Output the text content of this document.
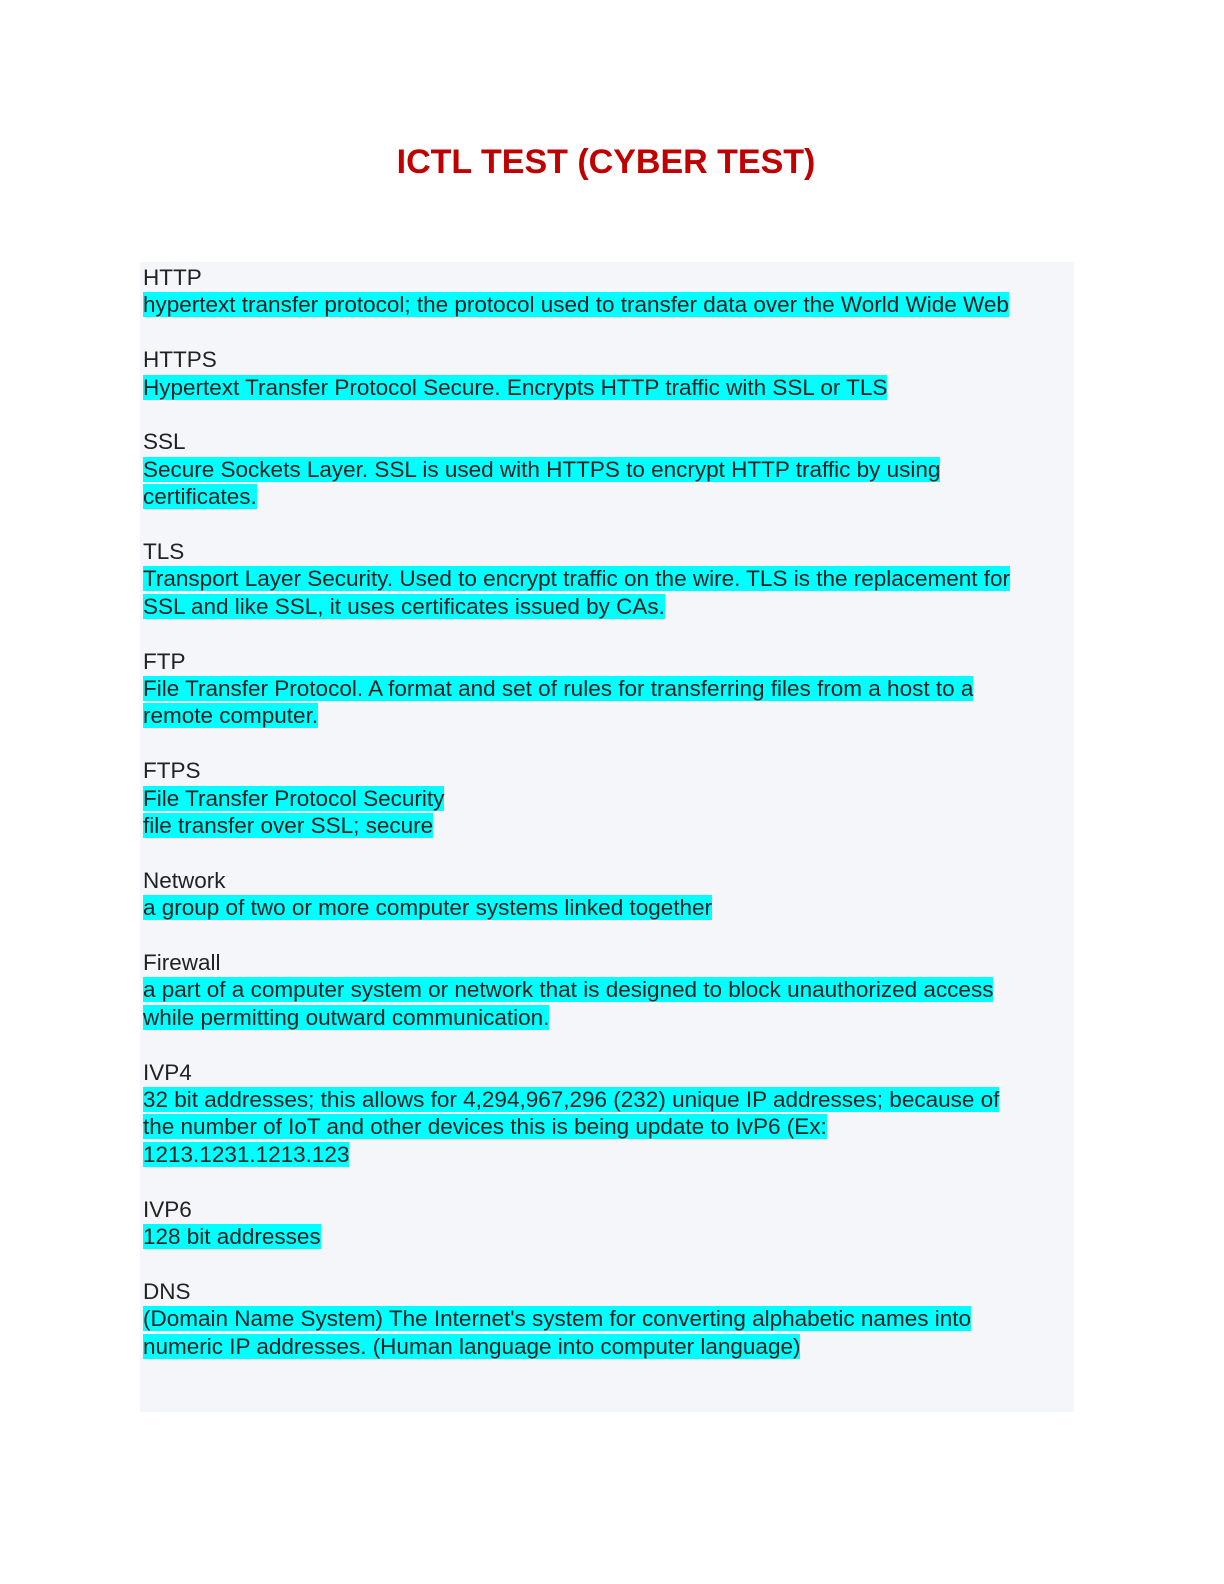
ICTL TEST (CYBER TEST)
HTTP
hypertext transfer protocol; the protocol used to transfer data over the World Wide Web
HTTPS
Hypertext Transfer Protocol Secure. Encrypts HTTP traffic with SSL or TLS
SSL
Secure Sockets Layer. SSL is used with HTTPS to encrypt HTTP traffic by using
certificates.
TLS
Transport Layer Security. Used to encrypt traffic on the wire. TLS is the replacement for
SSL and like SSL, it uses certificates issued by CAs.
FTP
File Transfer Protocol. A format and set of rules for transferring files from a host to a
remote computer.
FTPS
File Transfer Protocol Security
file transfer over SSL; secure
Network
a group of two or more computer systems linked together
Firewall
a part of a computer system or network that is designed to block unauthorized access
while permitting outward communication.
IVP4
32 bit addresses; this allows for 4,294,967,296 (232) unique IP addresses; because of
the number of IoT and other devices this is being update to IvP6 (Ex:
1213.1231.1213.123
IVP6
128 bit addresses
DNS
(Domain Name System) The Internet's system for converting alphabetic names into
numeric IP addresses. (Human language into computer language)
